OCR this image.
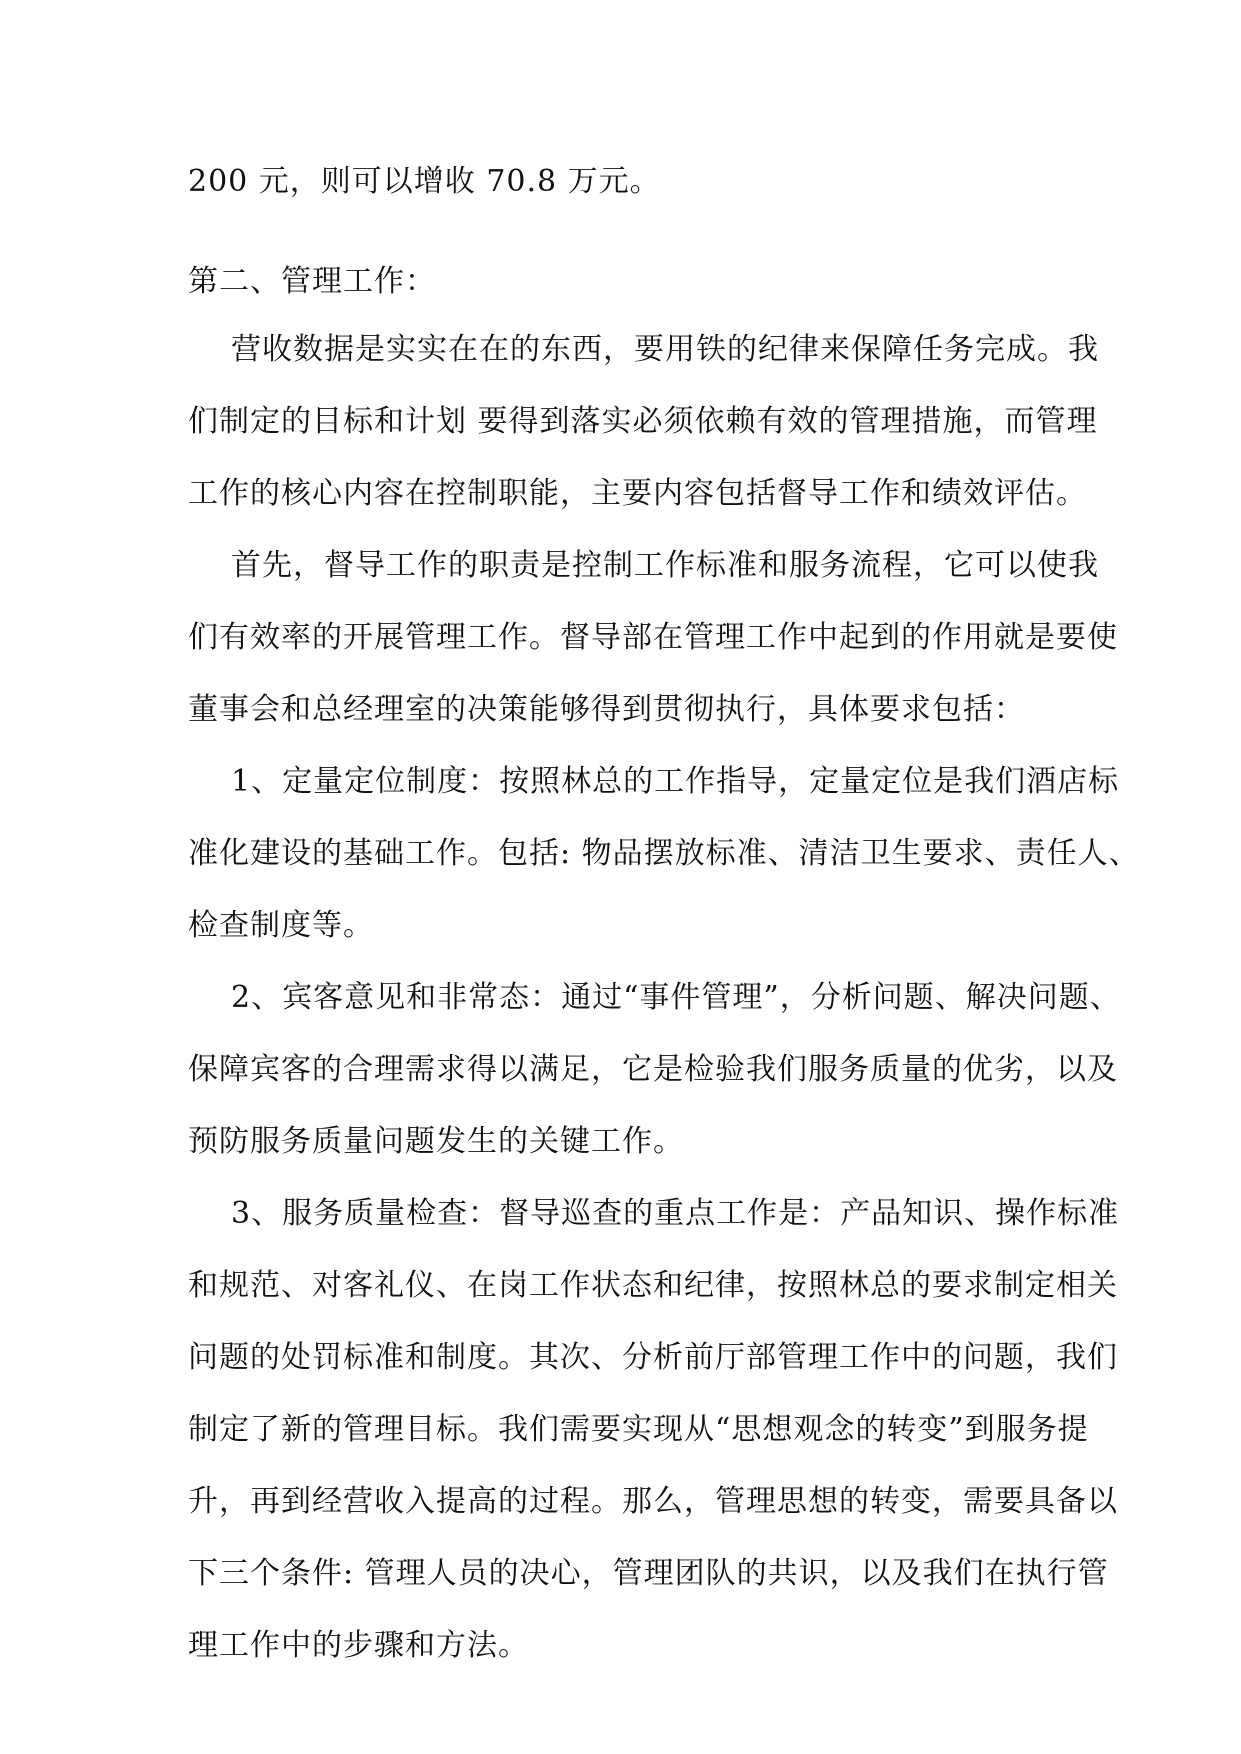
200 元，则可以增收 70.8 万元。
第二、管理工作：
营收数据是实实在在的东西，要用铁的纪律来保障任务完成。我
们制定的目标和计划 要得到落实必须依赖有效的管理措施，而管理
工作的核心内容在控制职能，主要内容包括督导工作和绩效评估。
首先，督导工作的职责是控制工作标准和服务流程，它可以使我
们有效率的开展管理工作。督导部在管理工作中起到的作用就是要使
董事会和总经理室的决策能够得到贯彻执行，具体要求包括：
1、定量定位制度：按照林总的工作指导，定量定位是我们酒店标
准化建设的基础工作。包括: 物品摆放标准、清洁卫生要求、责任人、
检查制度等。
2、宾客意见和非常态：通过“事件管理”，分析问题、解决问题、
保障宾客的合理需求得以满足，它是检验我们服务质量的优劣，以及
预防服务质量问题发生的关键工作。
3、服务质量检查：督导巡查的重点工作是：产品知识、操作标准
和规范、对客礼仪、在岗工作状态和纪律，按照林总的要求制定相关
问题的处罚标准和制度。其次、分析前厅部管理工作中的问题，我们
制定了新的管理目标。我们需要实现从“思想观念的转变”到服务提
升，再到经营收入提高的过程。那么，管理思想的转变，需要具备以
下三个条件: 管理人员的决心，管理团队的共识，以及我们在执行管
理工作中的步骤和方法。
